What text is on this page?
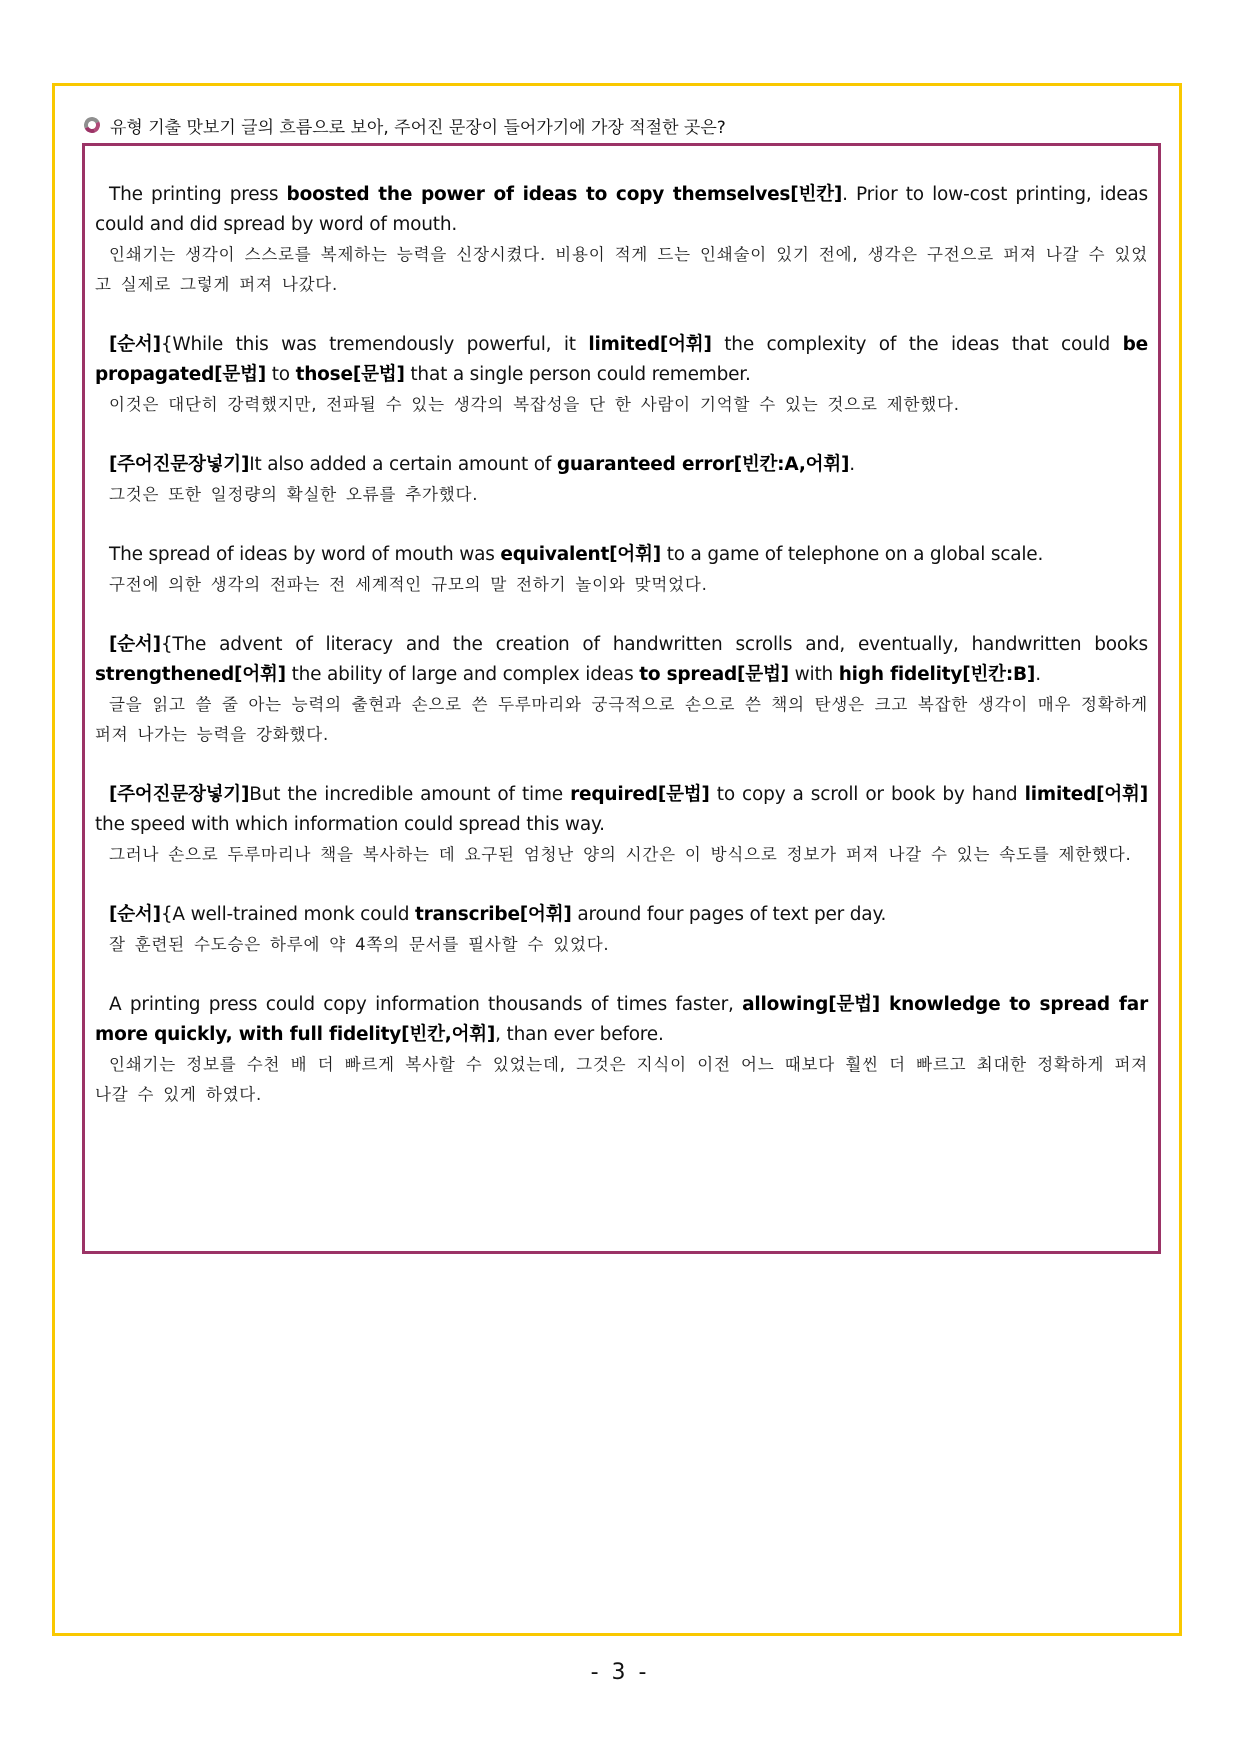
유형 기출 맛보기 글의 흐름으로 보아, 주어진 문장이 들어가기에 가장 적절한 곳은?
The printing press boosted the power of ideas to copy themselves[빈칸]. Prior to low-cost printing, ideas could and did spread by word of mouth.
인쇄기는 생각이 스스로를 복제하는 능력을 신장시켰다. 비용이 적게 드는 인쇄술이 있기 전에, 생각은 구전으로 퍼져 나갈 수 있었고 실제로 그렇게 퍼져 나갔다.
[순서]{While this was tremendously powerful, it limited[어휘] the complexity of the ideas that could be propagated[문법] to those[문법] that a single person could remember.
이것은 대단히 강력했지만, 전파될 수 있는 생각의 복잡성을 단 한 사람이 기억할 수 있는 것으로 제한했다.
[주어진문장넣기]It also added a certain amount of guaranteed error[빈칸:A,어휘].
그것은 또한 일정량의 확실한 오류를 추가했다.
The spread of ideas by word of mouth was equivalent[어휘] to a game of telephone on a global scale.
구전에 의한 생각의 전파는 전 세계적인 규모의 말 전하기 놀이와 맞먹었다.
[순서]{The advent of literacy and the creation of handwritten scrolls and, eventually, handwritten books strengthened[어휘] the ability of large and complex ideas to spread[문법] with high fidelity[빈칸:B].
글을 읽고 쓸 줄 아는 능력의 출현과 손으로 쓴 두루마리와 궁극적으로 손으로 쓴 책의 탄생은 크고 복잡한 생각이 매우 정확하게 퍼져 나가는 능력을 강화했다.
[주어진문장넣기]But the incredible amount of time required[문법] to copy a scroll or book by hand limited[어휘] the speed with which information could spread this way.
그러나 손으로 두루마리나 책을 복사하는 데 요구된 엄청난 양의 시간은 이 방식으로 정보가 퍼져 나갈 수 있는 속도를 제한했다.
[순서]{A well-trained monk could transcribe[어휘] around four pages of text per day.
잘 훈련된 수도승은 하루에 약 4쪽의 문서를 필사할 수 있었다.
A printing press could copy information thousands of times faster, allowing[문법] knowledge to spread far more quickly, with full fidelity[빈칸,어휘], than ever before.
인쇄기는 정보를 수천 배 더 빠르게 복사할 수 있었는데, 그것은 지식이 이전 어느 때보다 훨씬 더 빠르고 최대한 정확하게 퍼져 나갈 수 있게 하였다.
- 3 -
